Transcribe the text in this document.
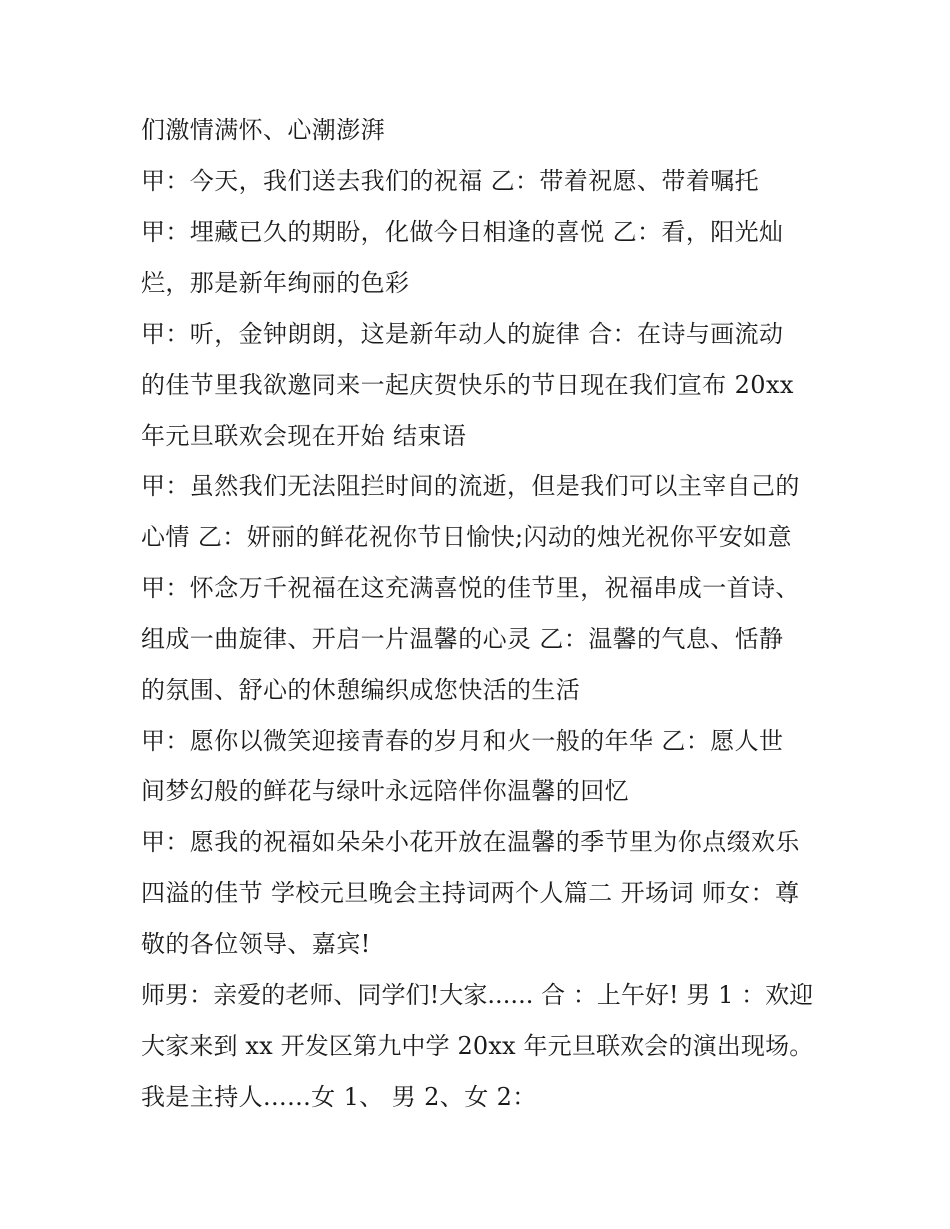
们激情满怀、心潮澎湃
甲：今天，我们送去我们的祝福 乙：带着祝愿、带着嘱托
甲：埋藏已久的期盼，化做今日相逢的喜悦 乙：看，阳光灿
烂，那是新年绚丽的色彩
甲：听，金钟朗朗，这是新年动人的旋律 合：在诗与画流动
的佳节里我欲邀同来一起庆贺快乐的节日现在我们宣布 20xx
年元旦联欢会现在开始 结束语
甲：虽然我们无法阻拦时间的流逝，但是我们可以主宰自己的
心情 乙：妍丽的鲜花祝你节日愉快;闪动的烛光祝你平安如意
甲：怀念万千祝福在这充满喜悦的佳节里，祝福串成一首诗、
组成一曲旋律、开启一片温馨的心灵 乙：温馨的气息、恬静
的氛围、舒心的休憩编织成您快活的生活
甲：愿你以微笑迎接青春的岁月和火一般的年华 乙：愿人世
间梦幻般的鲜花与绿叶永远陪伴你温馨的回忆
甲：愿我的祝福如朵朵小花开放在温馨的季节里为你点缀欢乐
四溢的佳节 学校元旦晚会主持词两个人篇二 开场词 师女：尊
敬的各位领导、嘉宾!
师男：亲爱的老师、同学们!大家...... 合 ：上午好! 男 1 ：欢迎
大家来到 xx 开发区第九中学 20xx 年元旦联欢会的演出现场。
我是主持人......女 1、 男 2、女 2：
